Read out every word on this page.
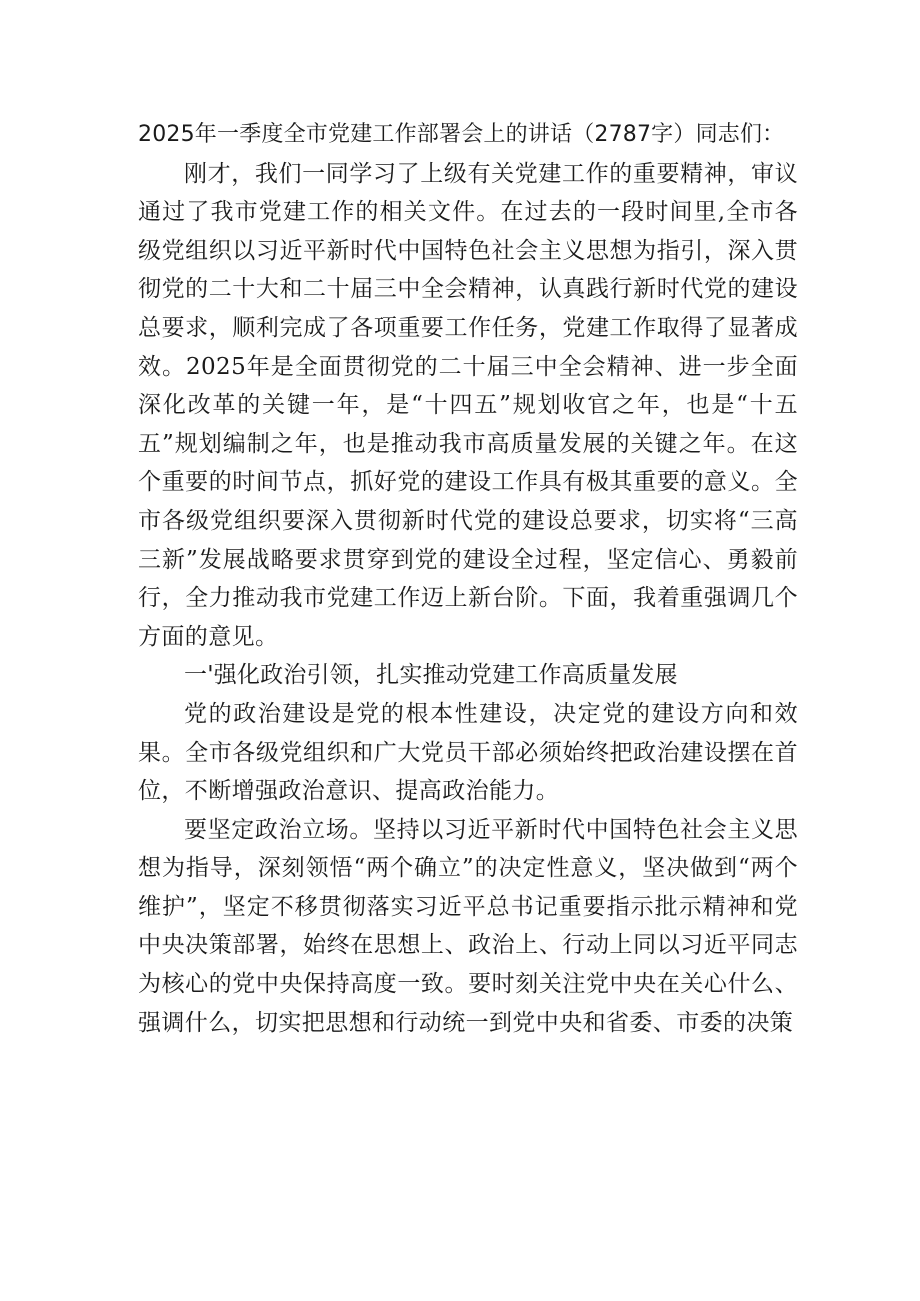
2025年一季度全市党建工作部署会上的讲话（2787字）同志们：

刚才，我们一同学习了上级有关党建工作的重要精神，审议通过了我市党建工作的相关文件。在过去的一段时间里,全市各级党组织以习近平新时代中国特色社会主义思想为指引，深入贯彻党的二十大和二十届三中全会精神，认真践行新时代党的建设总要求，顺利完成了各项重要工作任务，党建工作取得了显著成效。2025年是全面贯彻党的二十届三中全会精神、进一步全面深化改革的关键一年，是“十四五”规划收官之年，也是“十五五”规划编制之年，也是推动我市高质量发展的关键之年。在这个重要的时间节点，抓好党的建设工作具有极其重要的意义。全市各级党组织要深入贯彻新时代党的建设总要求，切实将“三高三新”发展战略要求贯穿到党的建设全过程，坚定信心、勇毅前行，全力推动我市党建工作迈上新台阶。下面，我着重强调几个方面的意见。

一'强化政治引领，扎实推动党建工作高质量发展

党的政治建设是党的根本性建设，决定党的建设方向和效果。全市各级党组织和广大党员干部必须始终把政治建设摆在首位，不断增强政治意识、提高政治能力。

要坚定政治立场。坚持以习近平新时代中国特色社会主义思想为指导，深刻领悟“两个确立”的决定性意义，坚决做到“两个维护”，坚定不移贯彻落实习近平总书记重要指示批示精神和党中央决策部署，始终在思想上、政治上、行动上同以习近平同志为核心的党中央保持高度一致。要时刻关注党中央在关心什么、强调什么，切实把思想和行动统一到党中央和省委、市委的决策
